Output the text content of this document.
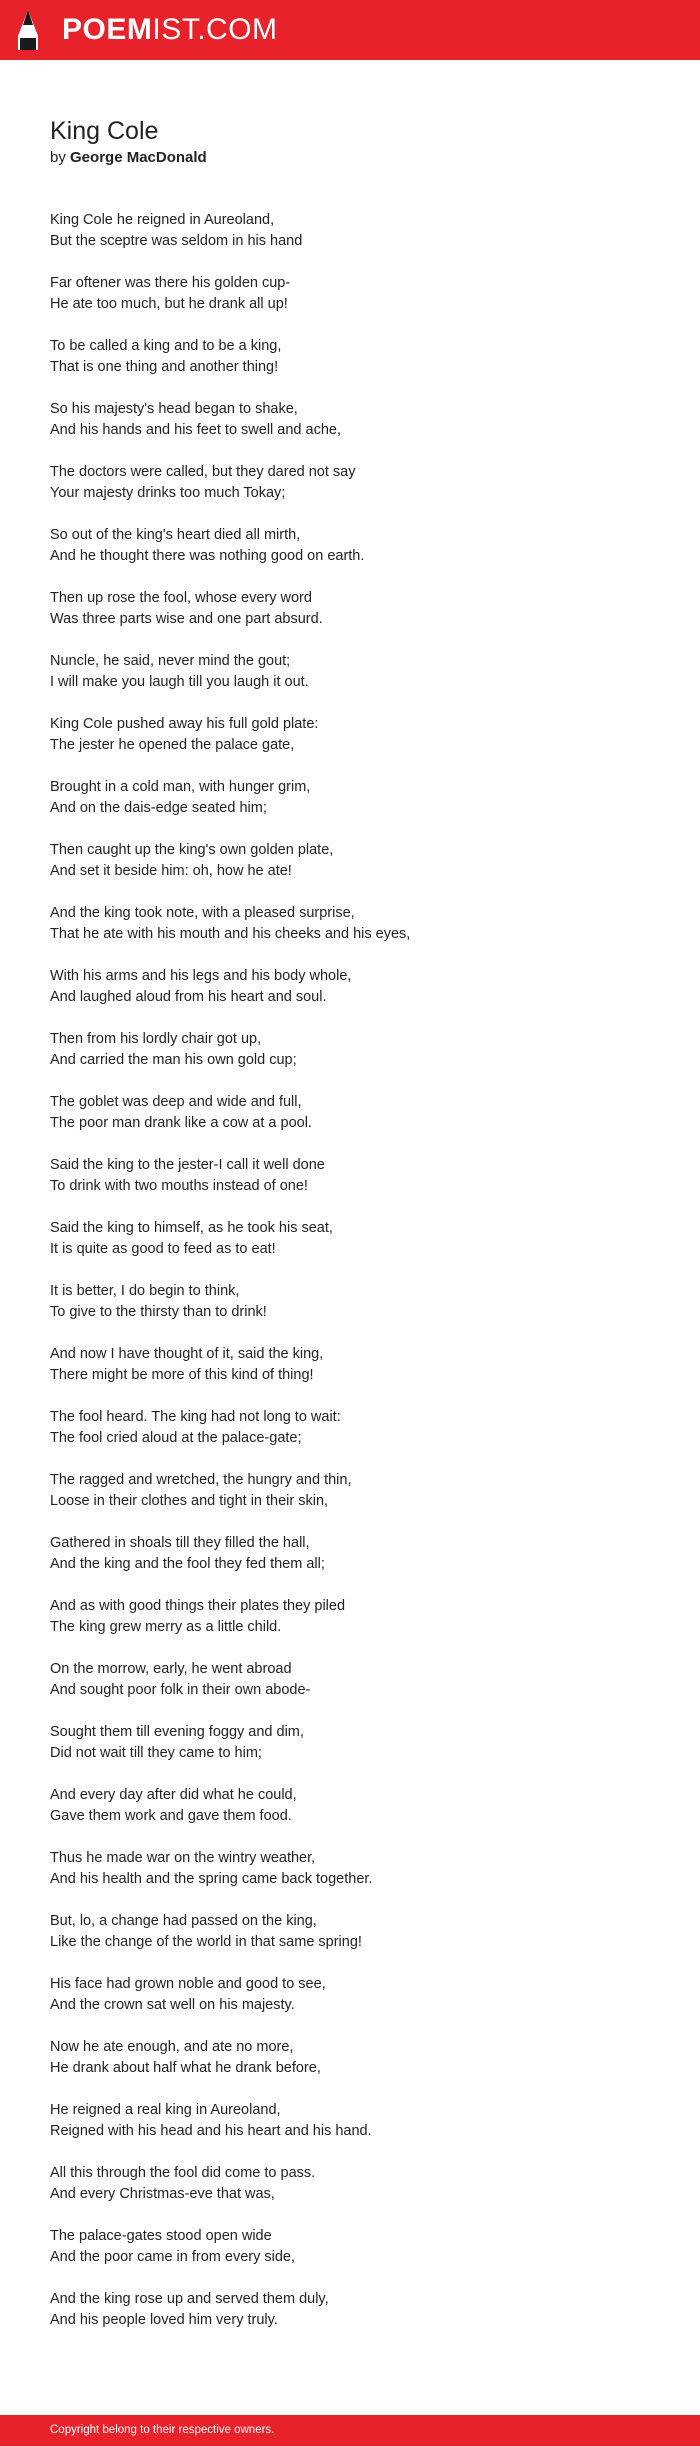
POEMIST.COM
King Cole
by George MacDonald
King Cole he reigned in Aureoland,
But the sceptre was seldom in his hand
Far oftener was there his golden cup-
He ate too much, but he drank all up!
To be called a king and to be a king,
That is one thing and another thing!
So his majesty's head began to shake,
And his hands and his feet to swell and ache,
The doctors were called, but they dared not say
Your majesty drinks too much Tokay;
So out of the king's heart died all mirth,
And he thought there was nothing good on earth.
Then up rose the fool, whose every word
Was three parts wise and one part absurd.
Nuncle, he said, never mind the gout;
I will make you laugh till you laugh it out.
King Cole pushed away his full gold plate:
The jester he opened the palace gate,
Brought in a cold man, with hunger grim,
And on the dais-edge seated him;
Then caught up the king's own golden plate,
And set it beside him: oh, how he ate!
And the king took note, with a pleased surprise,
That he ate with his mouth and his cheeks and his eyes,
With his arms and his legs and his body whole,
And laughed aloud from his heart and soul.
Then from his lordly chair got up,
And carried the man his own gold cup;
The goblet was deep and wide and full,
The poor man drank like a cow at a pool.
Said the king to the jester-I call it well done
To drink with two mouths instead of one!
Said the king to himself, as he took his seat,
It is quite as good to feed as to eat!
It is better, I do begin to think,
To give to the thirsty than to drink!
And now I have thought of it, said the king,
There might be more of this kind of thing!
The fool heard. The king had not long to wait:
The fool cried aloud at the palace-gate;
The ragged and wretched, the hungry and thin,
Loose in their clothes and tight in their skin,
Gathered in shoals till they filled the hall,
And the king and the fool they fed them all;
And as with good things their plates they piled
The king grew merry as a little child.
On the morrow, early, he went abroad
And sought poor folk in their own abode-
Sought them till evening foggy and dim,
Did not wait till they came to him;
And every day after did what he could,
Gave them work and gave them food.
Thus he made war on the wintry weather,
And his health and the spring came back together.
But, lo, a change had passed on the king,
Like the change of the world in that same spring!
His face had grown noble and good to see,
And the crown sat well on his majesty.
Now he ate enough, and ate no more,
He drank about half what he drank before,
He reigned a real king in Aureoland,
Reigned with his head and his heart and his hand.
All this through the fool did come to pass.
And every Christmas-eve that was,
The palace-gates stood open wide
And the poor came in from every side,
And the king rose up and served them duly,
And his people loved him very truly.
Copyright belong to their respective owners.
